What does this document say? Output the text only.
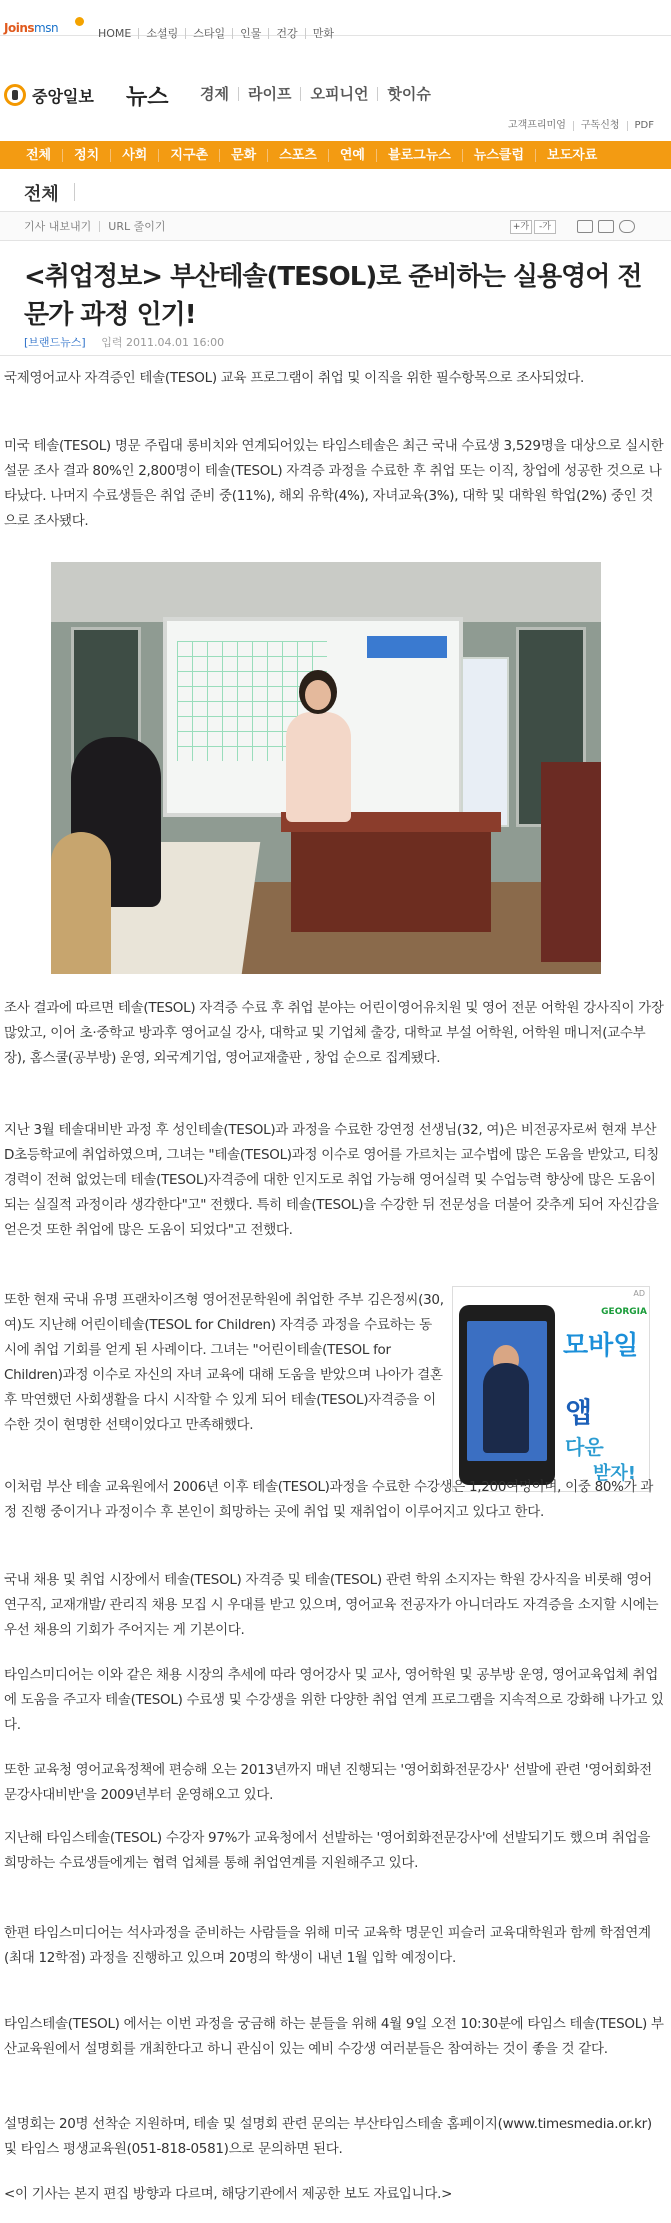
Joinsmsn	HOME	소셜링	스타일	인물	건강	만화
중앙일보 뉴스 경제	라이프	오피니언	핫이슈
고객프리미엄	구독신청	PDF
전체	정치	사회	지구촌	문화	스포츠	연예	블로그뉴스	뉴스클럽	보도자료
전체
기사 내보내기	URL 줄이기	+가	-가
<취업정보> 부산테솔(TESOL)로 준비하는 실용영어 전문가 과정 인기!
[브랜드뉴스] 입력 2011.04.01 16:00
국제영어교사 자격증인 테솔(TESOL) 교육 프로그램이 취업 및 이직을 위한 필수항목으로 조사되었다.
미국 테솔(TESOL) 명문 주립대 롱비치와 연계되어있는 타임스테솔은 최근 국내 수료생 3,529명을 대상으로 실시한 설문 조사 결과 80%인 2,800명이 테솔(TESOL) 자격증 과정을 수료한 후 취업 또는 이직, 창업에 성공한 것으로 나타났다. 나머지 수료생들은 취업 준비 중(11%), 해외 유학(4%), 자녀교육(3%), 대학 및 대학원 학업(2%) 중인 것으로 조사됐다.
조사 결과에 따르면 테솔(TESOL) 자격증 수료 후 취업 분야는 어린이영어유치원 및 영어 전문 어학원 강사직이 가장 많았고, 이어 초·중학교 방과후 영어교실 강사, 대학교 및 기업체 출강, 대학교 부설 어학원, 어학원 매니저(교수부장), 홈스쿨(공부방) 운영, 외국계기업, 영어교재출판 , 창업 순으로 집계됐다.
지난 3월 테솔대비반 과정 후 성인테솔(TESOL)과 과정을 수료한 강연정 선생님(32, 여)은 비전공자로써 현재 부산 D초등학교에 취업하였으며, 그녀는 "테솔(TESOL)과정 이수로 영어를 가르치는 교수법에 많은 도움을 받았고, 티칭경력이 전혀 없었는데 테솔(TESOL)자격증에 대한 인지도로 취업 가능해 영어실력 및 수업능력 향상에 많은 도움이 되는 실질적 과정이라 생각한다"고" 전했다. 특히 테솔(TESOL)을 수강한 뒤 전문성을 더불어 갖추게 되어 자신감을 얻은것 또한 취업에 많은 도움이 되었다"고 전했다.
또한 현재 국내 유명 프랜차이즈형 영어전문학원에 취업한 주부 김은정씨(30, 여)도 지난해 어린이테솔(TESOL for Children) 자격증 과정을 수료하는 동시에 취업 기회를 얻게 된 사례이다. 그녀는 "어린이테솔(TESOL for Children)과정 이수로 자신의 자녀 교육에 대해 도움을 받았으며 나아가 결혼 후 막연했던 사회생활을 다시 시작할 수 있게 되어 테솔(TESOL)자격증을 이수한 것이 현명한 선택이었다고 만족해했다.
AD
GEORGIA
모바일
앱
다운
받자!
이처럼 부산 테솔 교육원에서 2006년 이후 테솔(TESOL)과정을 수료한 수강생은 1,200여명이며, 이중 80%가 과정 진행 중이거나 과정이수 후 본인이 희망하는 곳에 취업 및 재취업이 이루어지고 있다고 한다.
국내 채용 및 취업 시장에서 테솔(TESOL) 자격증 및 테솔(TESOL) 관련 학위 소지자는 학원 강사직을 비롯해 영어연구직, 교재개발/ 관리직 채용 모집 시 우대를 받고 있으며, 영어교육 전공자가 아니더라도 자격증을 소지할 시에는 우선 채용의 기회가 주어지는 게 기본이다.
타임스미디어는 이와 같은 채용 시장의 추세에 따라 영어강사 및 교사, 영어학원 및 공부방 운영, 영어교육업체 취업에 도움을 주고자 테솔(TESOL) 수료생 및 수강생을 위한 다양한 취업 연계 프로그램을 지속적으로 강화해 나가고 있다.
또한 교육청 영어교육정책에 편승해 오는 2013년까지 매년 진행되는 '영어회화전문강사' 선발에 관련 '영어회화전문강사대비반'을 2009년부터 운영해오고 있다.
지난해 타임스테솔(TESOL) 수강자 97%가 교육청에서 선발하는 '영어회화전문강사'에 선발되기도 했으며 취업을 희망하는 수료생들에게는 협력 업체를 통해 취업연계를 지원해주고 있다.
한편 타임스미디어는 석사과정을 준비하는 사람들을 위해 미국 교육학 명문인 피슬러 교육대학원과 함께 학점연계(최대 12학점) 과정을 진행하고 있으며 20명의 학생이 내년 1월 입학 예정이다.
타임스테솔(TESOL) 에서는 이번 과정을 궁금해 하는 분들을 위해 4월 9일 오전 10:30분에 타임스 테솔(TESOL) 부산교육원에서 설명회를 개최한다고 하니 관심이 있는 예비 수강생 여러분들은 참여하는 것이 좋을 것 같다.
설명회는 20명 선착순 지원하며, 테솔 및 설명회 관련 문의는 부산타임스테솔 홈페이지(www.timesmedia.or.kr) 및 타임스 평생교육원(051-818-0581)으로 문의하면 된다.
<이 기사는 본지 편집 방향과 다르며, 해당기관에서 제공한 보도 자료입니다.>
